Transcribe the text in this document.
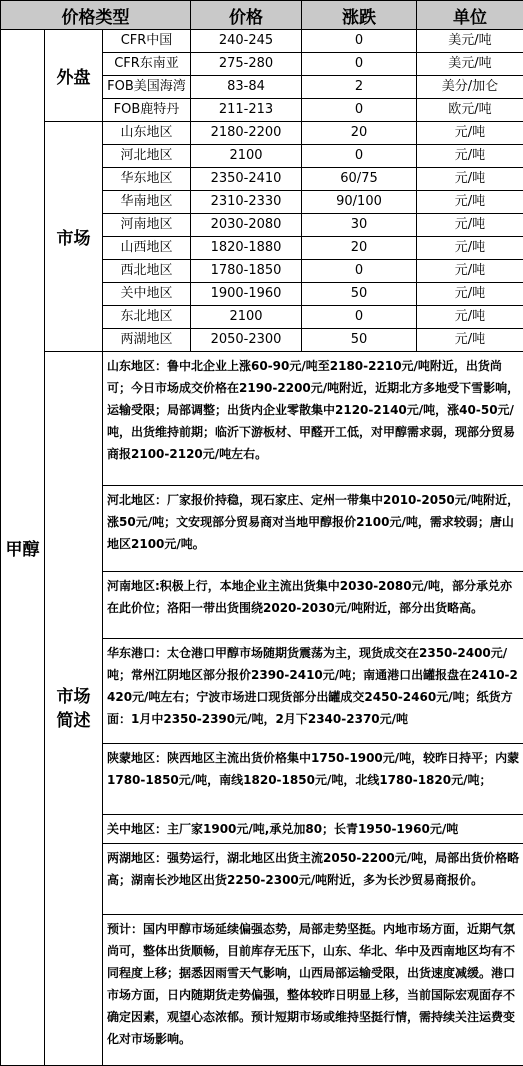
价格类型			价格	涨跌	单位
甲醇	外盘	CFR中国	240-245	0	美元/吨
		CFR东南亚	275-280	0	美元/吨
		FOB美国海湾	83-84	2	美分/加仑
		FOB鹿特丹	211-213	0	欧元/吨
	市场	山东地区	2180-2200	20	元/吨
		河北地区	2100	0	元/吨
		华东地区	2350-2410	60/75	元/吨
		华南地区	2310-2330	90/100	元/吨
		河南地区	2030-2080	30	元/吨
		山西地区	1820-1880	20	元/吨
		西北地区	1780-1850	0	元/吨
		关中地区	1900-1960	50	元/吨
		东北地区	2100	0	元/吨
		两湖地区	2050-2300	50	元/吨

	市场简述	山东地区：鲁中北企业上涨60-90元/吨至2180-2210元/吨附近，出货尚可；今日市场成交价格在2190-2200元/吨附近，近期北方多地受下雪影响，运输受限；局部调整；出货内企业零散集中2120-2140元/吨，涨40-50元/吨，出货维持前期；临沂下游板材、甲醛开工低，对甲醇需求弱，现部分贸易商报2100-2120元/吨左右。			
		河北地区：厂家报价持稳，现石家庄、定州一带集中2010-2050元/吨附近，涨50元/吨；文安现部分贸易商对当地甲醇报价2100元/吨，需求较弱；唐山地区2100元/吨。			
		河南地区:积极上行，本地企业主流出货集中2030-2080元/吨，部分承兑亦在此价位；洛阳一带出货围绕2020-2030元/吨附近，部分出货略高。			
		华东港口：太仓港口甲醇市场随期货震荡为主，现货成交在2350-2400元/吨；常州江阴地区部分报价2390-2410元/吨；南通港口出罐报盘在2410-2420元/吨左右；宁波市场进口现货部分出罐成交2450-2460元/吨；纸货方面：1月中2350-2390元/吨，2月下2340-2370元/吨			
		陕蒙地区：陕西地区主流出货价格集中1750-1900元/吨，较昨日持平；内蒙1780-1850元/吨，南线1820-1850元/吨，北线1780-1820元/吨；			
		关中地区：主厂家1900元/吨,承兑加80；长青1950-1960元/吨			
		两湖地区：强势运行，湖北地区出货主流2050-2200元/吨，局部出货价格略高；湖南长沙地区出货2250-2300元/吨附近，多为长沙贸易商报价。			
		预计：国内甲醇市场延续偏强态势，局部走势坚挺。内地市场方面，近期气氛尚可，整体出货顺畅，目前库存无压下，山东、华北、华中及西南地区均有不同程度上移；据悉因雨雪天气影响，山西局部运输受限，出货速度减缓。港口市场方面，日内随期货走势偏强，整体较昨日明显上移，当前国际宏观面存不确定因素，观望心态浓郁。预计短期市场或维持坚挺行情，需持续关注运费变化对市场影响。			
